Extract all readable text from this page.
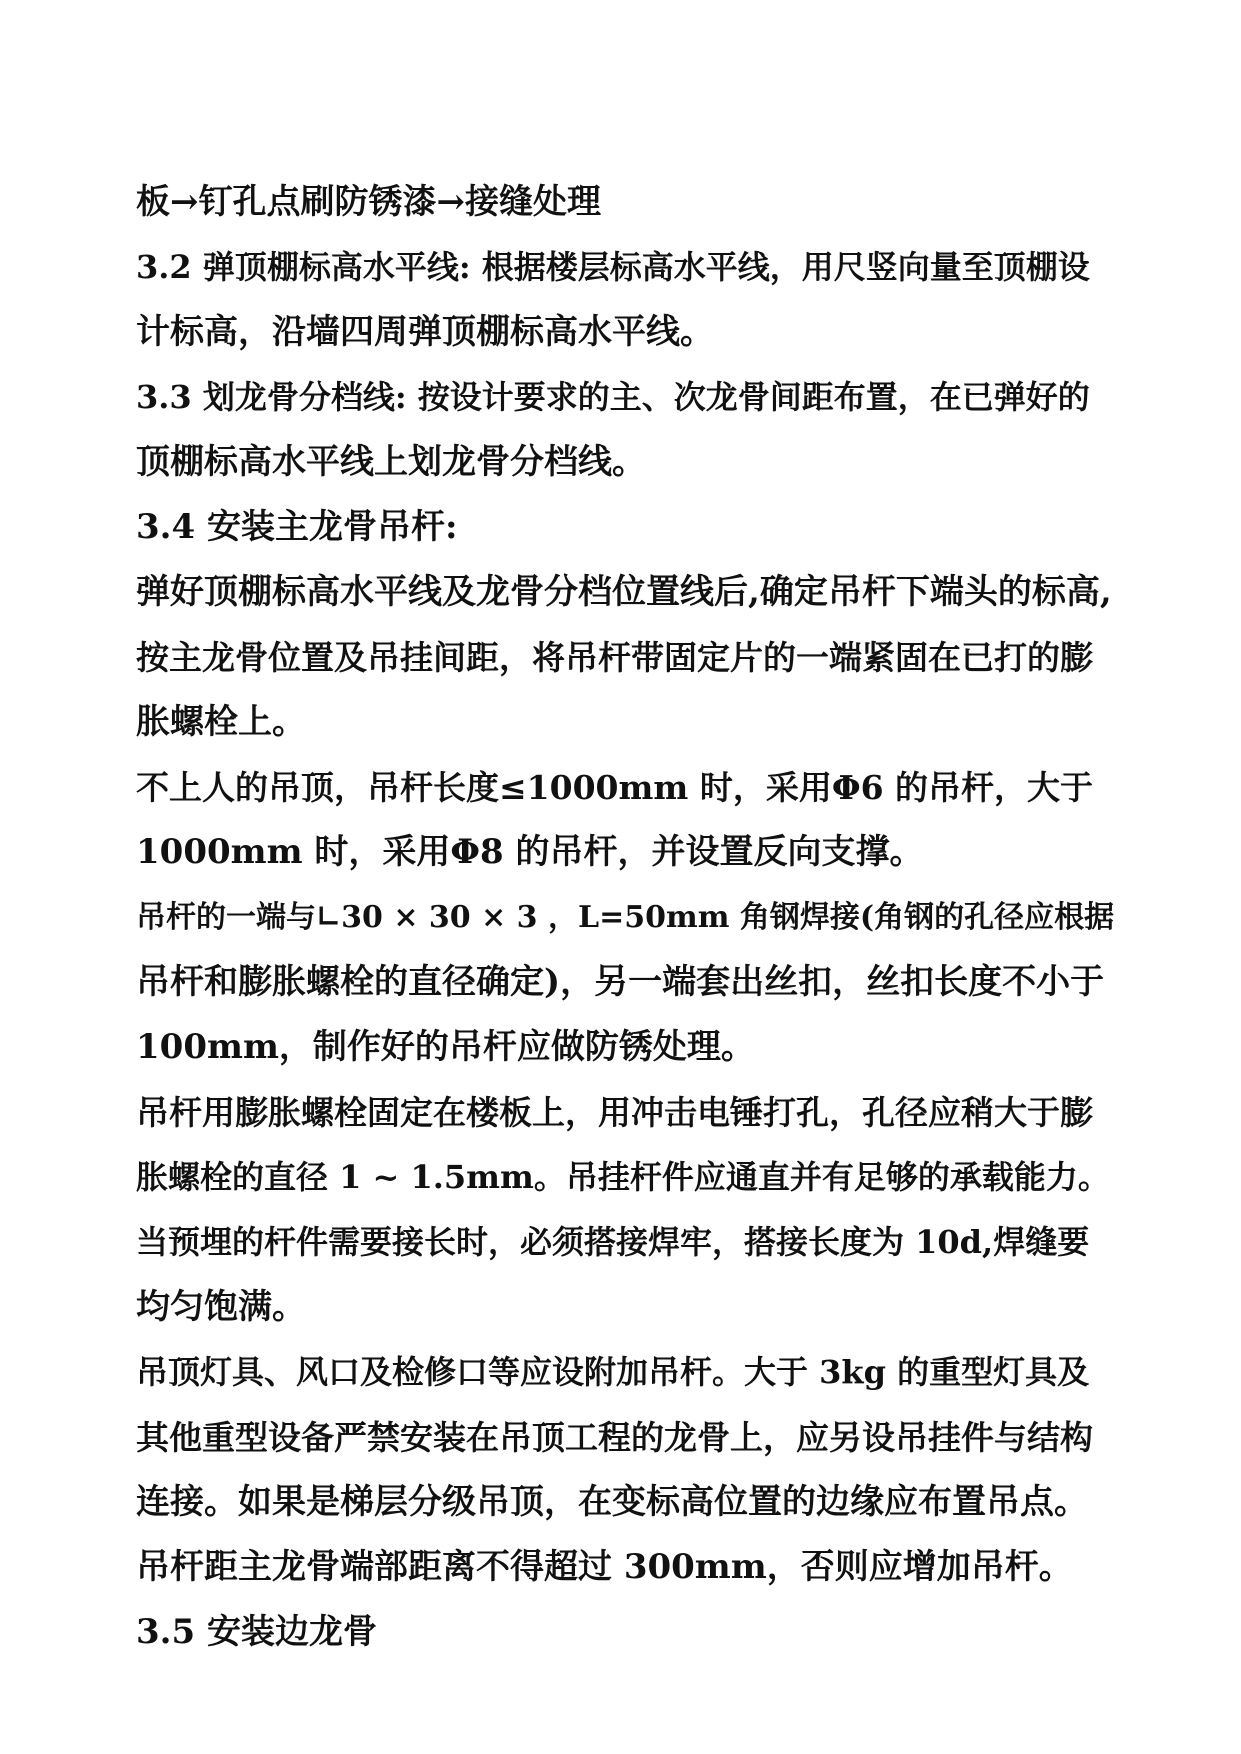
板→钉孔点刷防锈漆→接缝处理
3.2 弹顶棚标高水平线: 根据楼层标高水平线，用尺竖向量至顶棚设
计标高，沿墙四周弹顶棚标高水平线。
3.3 划龙骨分档线: 按设计要求的主、次龙骨间距布置，在已弹好的
顶棚标高水平线上划龙骨分档线。
3.4 安装主龙骨吊杆:
弹好顶棚标高水平线及龙骨分档位置线后,确定吊杆下端头的标高,
按主龙骨位置及吊挂间距，将吊杆带固定片的一端紧固在已打的膨
胀螺栓上。
不上人的吊顶，吊杆长度≤1000mm 时，采用Φ6 的吊杆，大于
1000mm 时，采用Φ8 的吊杆，并设置反向支撑。
吊杆的一端与∟30 × 30 × 3 ，L=50mm 角钢焊接(角钢的孔径应根据
吊杆和膨胀螺栓的直径确定)，另一端套出丝扣，丝扣长度不小于
100mm，制作好的吊杆应做防锈处理。
吊杆用膨胀螺栓固定在楼板上，用冲击电锤打孔，孔径应稍大于膨
胀螺栓的直径 1 ~ 1.5mm。吊挂杆件应通直并有足够的承载能力。
当预埋的杆件需要接长时，必须搭接焊牢，搭接长度为 10d,焊缝要
均匀饱满。
吊顶灯具、风口及检修口等应设附加吊杆。大于 3kg 的重型灯具及
其他重型设备严禁安装在吊顶工程的龙骨上，应另设吊挂件与结构
连接。如果是梯层分级吊顶，在变标高位置的边缘应布置吊点。
吊杆距主龙骨端部距离不得超过 300mm，否则应增加吊杆。
3.5 安装边龙骨
